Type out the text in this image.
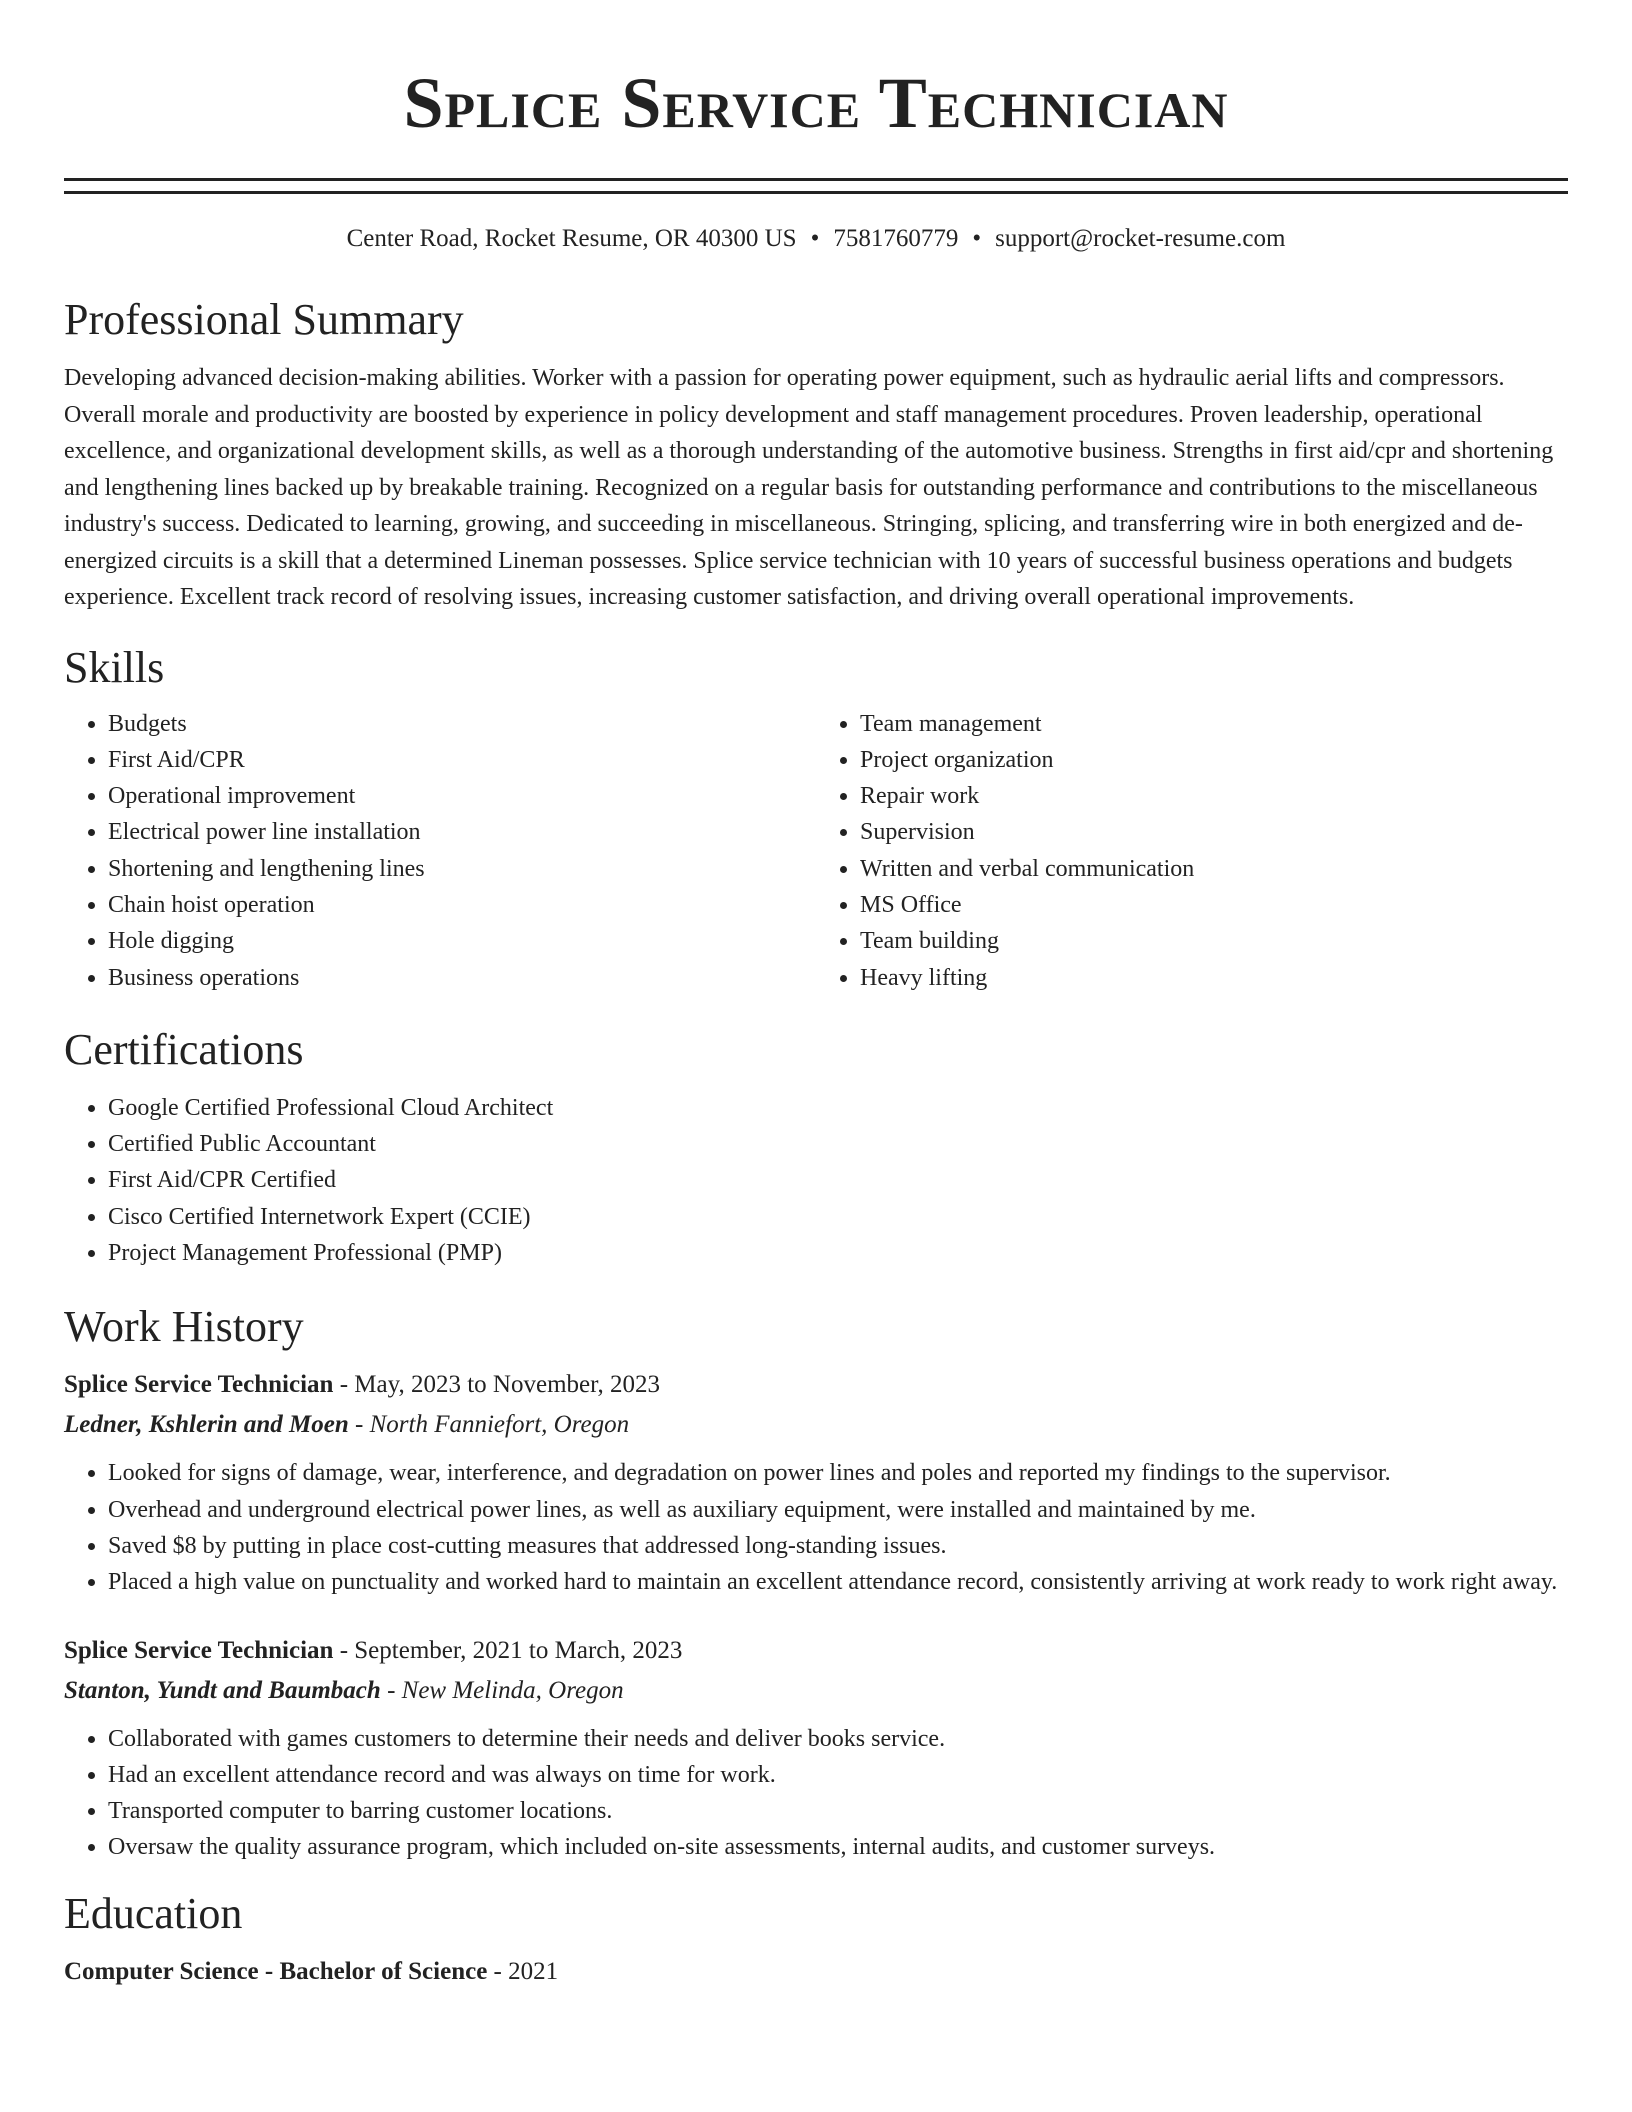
Splice Service Technician
Center Road, Rocket Resume, OR 40300 US • 7581760779 • support@rocket-resume.com
Professional Summary

Developing advanced decision-making abilities. Worker with a passion for operating power equipment, such as hydraulic aerial lifts and compressors. Overall morale and productivity are boosted by experience in policy development and staff management procedures. Proven leadership, operational excellence, and organizational development skills, as well as a thorough understanding of the automotive business. Strengths in first aid/cpr and shortening and lengthening lines backed up by breakable training. Recognized on a regular basis for outstanding performance and contributions to the miscellaneous industry's success. Dedicated to learning, growing, and succeeding in miscellaneous. Stringing, splicing, and transferring wire in both energized and de-energized circuits is a skill that a determined Lineman possesses. Splice service technician with 10 years of successful business operations and budgets experience. Excellent track record of resolving issues, increasing customer satisfaction, and driving overall operational improvements.

Skills
• Budgets
• First Aid/CPR
• Operational improvement
• Electrical power line installation
• Shortening and lengthening lines
• Chain hoist operation
• Hole digging
• Business operations
• Team management
• Project organization
• Repair work
• Supervision
• Written and verbal communication
• MS Office
• Team building
• Heavy lifting
Certifications
• Google Certified Professional Cloud Architect
• Certified Public Accountant
• First Aid/CPR Certified
• Cisco Certified Internetwork Expert (CCIE)
• Project Management Professional (PMP)
Work History
Splice Service Technician - May, 2023 to November, 2023
Ledner, Kshlerin and Moen - North Fanniefort, Oregon
• Looked for signs of damage, wear, interference, and degradation on power lines and poles and reported my findings to the supervisor.
• Overhead and underground electrical power lines, as well as auxiliary equipment, were installed and maintained by me.
• Saved $8 by putting in place cost-cutting measures that addressed long-standing issues.
• Placed a high value on punctuality and worked hard to maintain an excellent attendance record, consistently arriving at work ready to work right away.
Splice Service Technician - September, 2021 to March, 2023
Stanton, Yundt and Baumbach - New Melinda, Oregon
• Collaborated with games customers to determine their needs and deliver books service.
• Had an excellent attendance record and was always on time for work.
• Transported computer to barring customer locations.
• Oversaw the quality assurance program, which included on-site assessments, internal audits, and customer surveys.
Education
Computer Science - Bachelor of Science - 2021
